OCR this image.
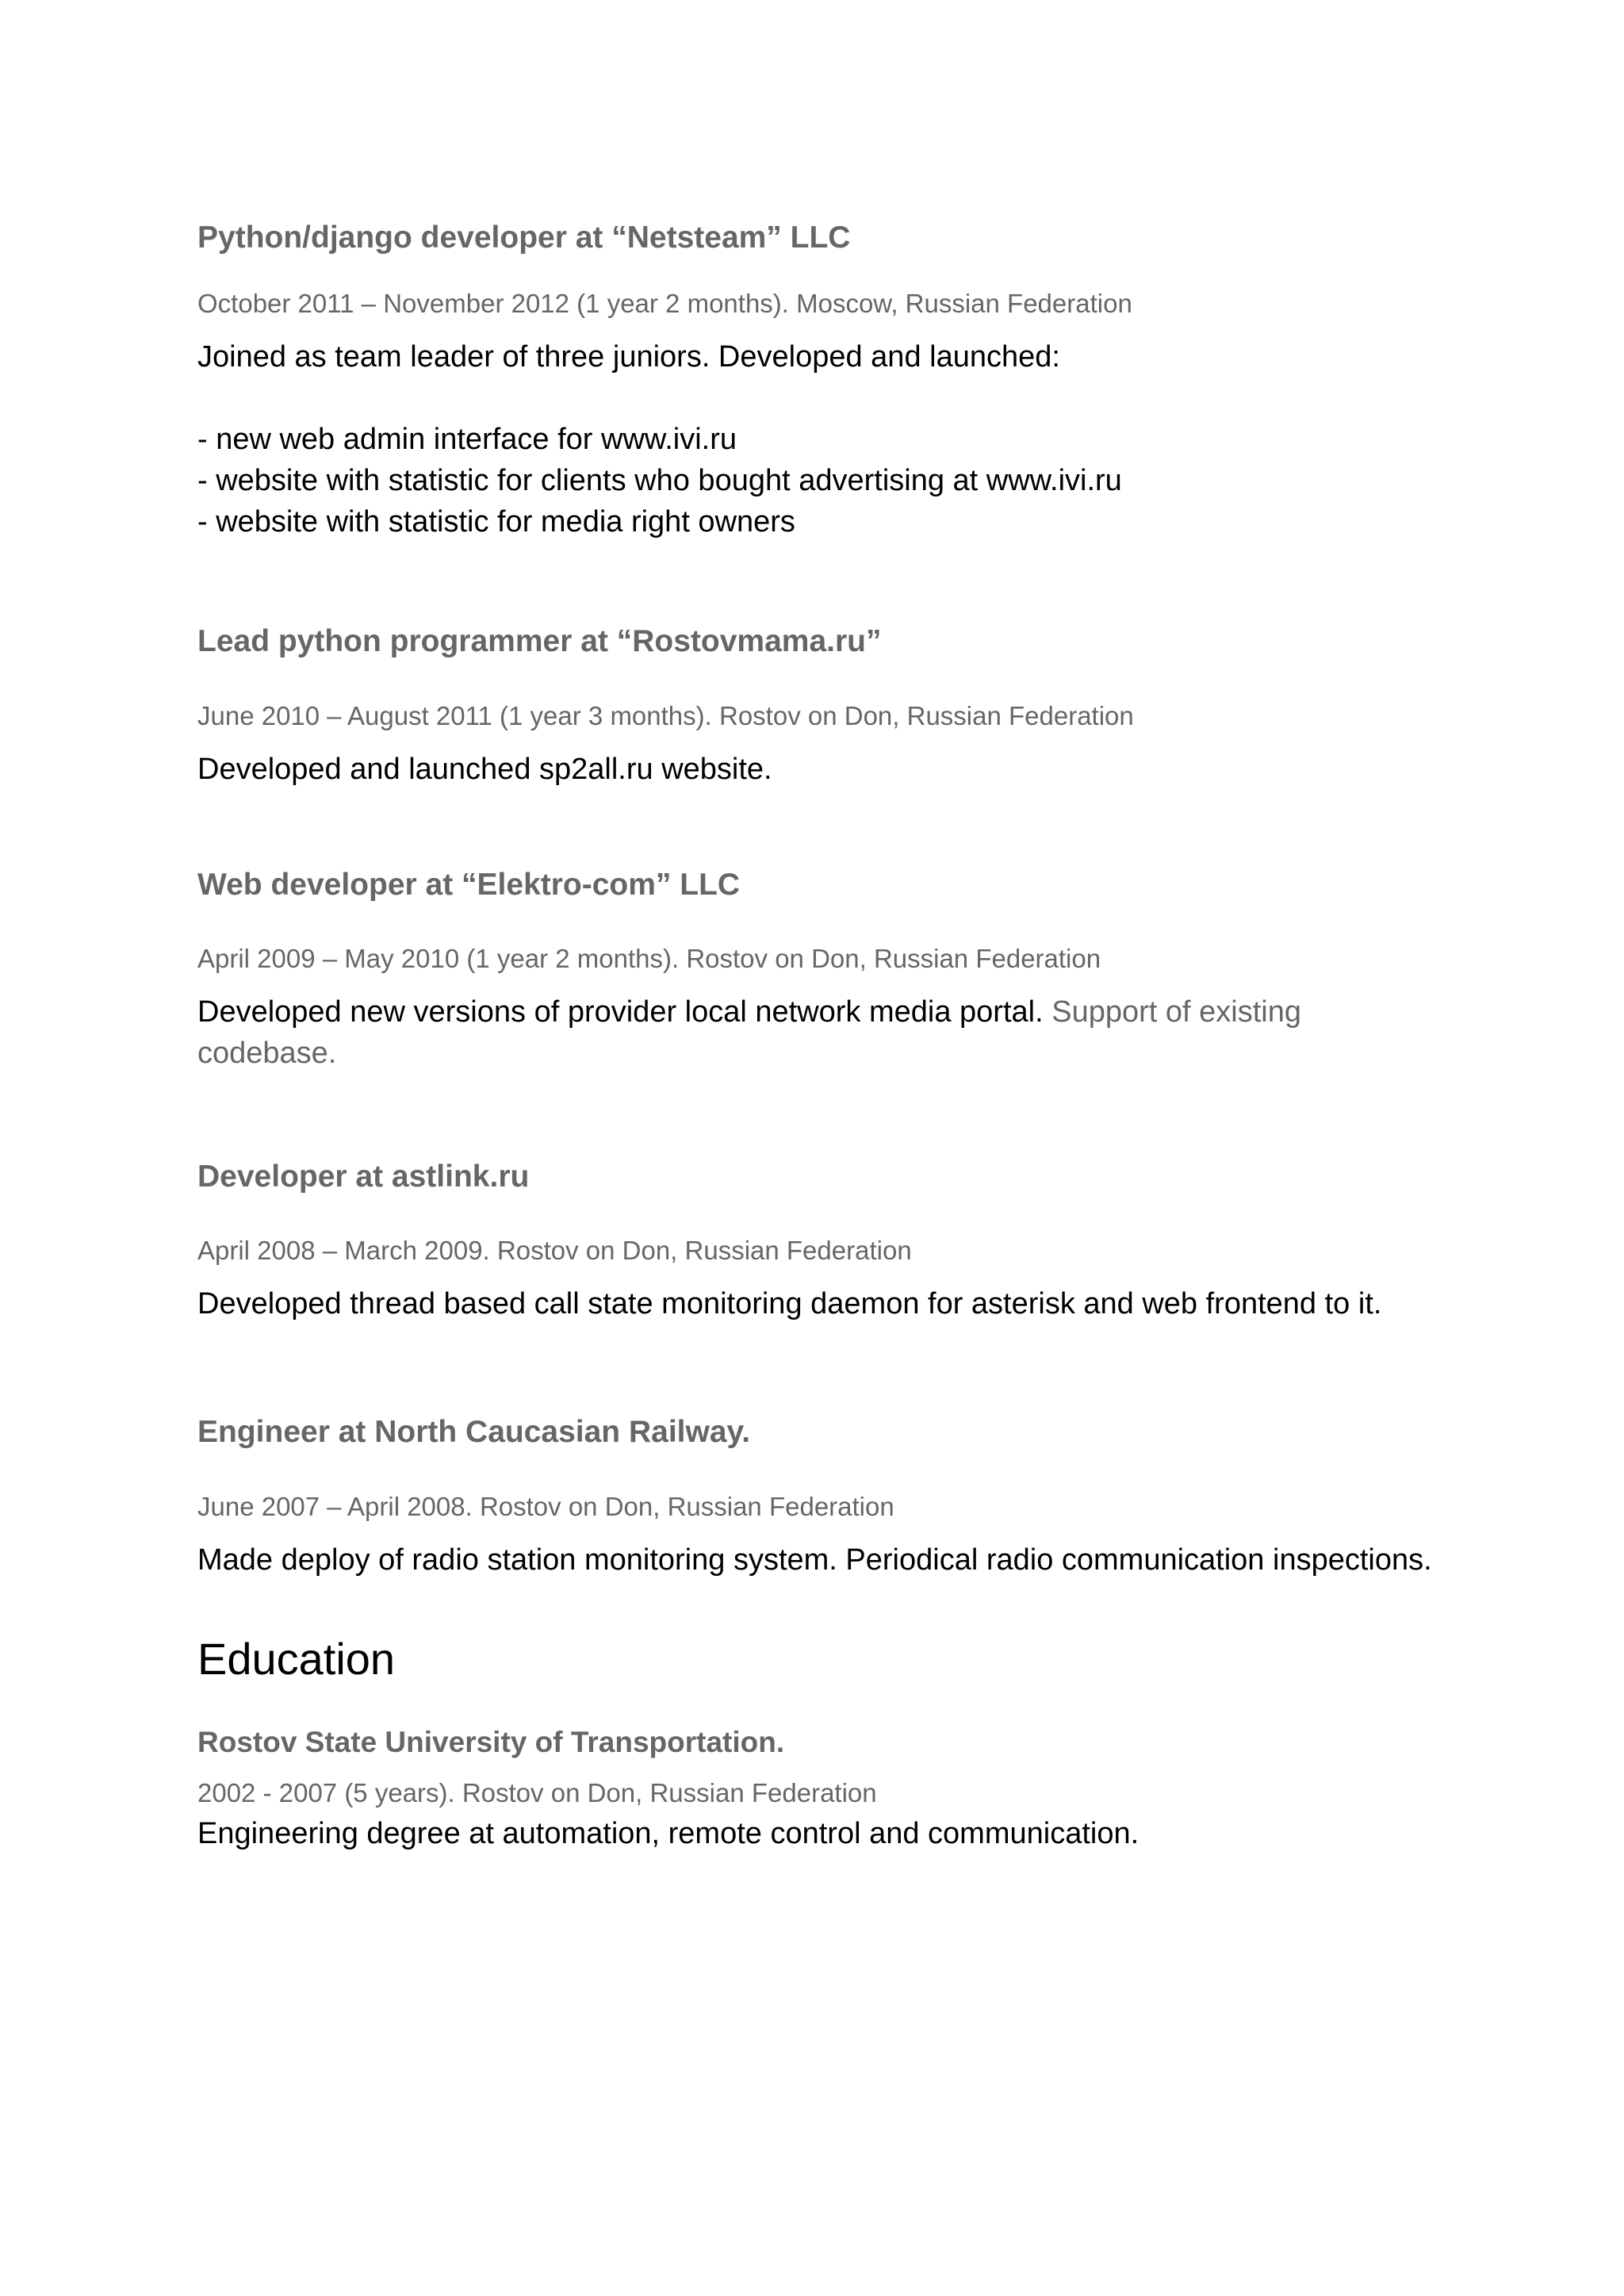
Python/django developer at “Netsteam” LLC
October 2011 – November 2012 (1 year 2 months). Moscow, Russian Federation
Joined as team leader of three juniors. Developed and launched:
- new web admin interface for www.ivi.ru
- website with statistic for clients who bought advertising at www.ivi.ru
- website with statistic for media right owners
Lead python programmer at “Rostovmama.ru”
June 2010 – August 2011 (1 year 3 months). Rostov on Don, Russian Federation
Developed and launched sp2all.ru website.
Web developer at “Elektro-com” LLC
April 2009 – May 2010 (1 year 2 months). Rostov on Don, Russian Federation
Developed new versions of provider local network media portal. Support of existing
codebase.
Developer at astlink.ru
April 2008 – March 2009. Rostov on Don, Russian Federation
Developed thread based call state monitoring daemon for asterisk and web frontend to it.
Engineer at North Caucasian Railway.
June 2007 – April 2008. Rostov on Don, Russian Federation
Made deploy of radio station monitoring system. Periodical radio communication inspections.
Education
Rostov State University of Transportation.
2002 - 2007 (5 years). Rostov on Don, Russian Federation
Engineering degree at automation, remote control and communication.
